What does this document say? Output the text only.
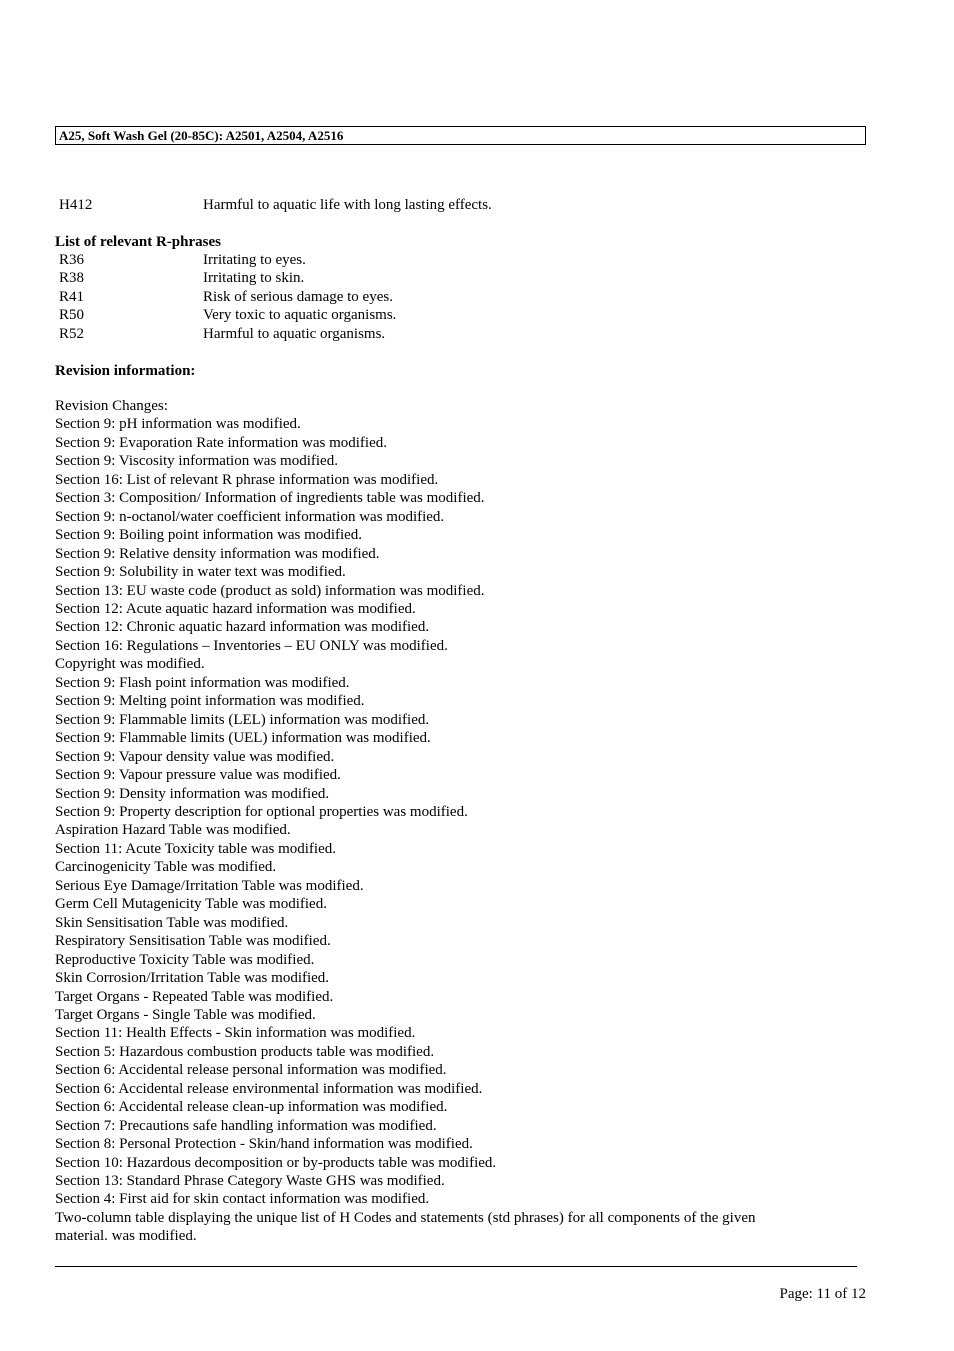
A25, Soft Wash Gel (20-85C): A2501, A2504, A2516
H412	Harmful to aquatic life with long lasting effects.
List of relevant R-phrases
R36	Irritating to eyes.
R38	Irritating to skin.
R41	Risk of serious damage to eyes.
R50	Very toxic to aquatic organisms.
R52	Harmful to aquatic organisms.
Revision information:
Revision Changes:
Section 9: pH information was modified.
Section 9: Evaporation Rate information was modified.
Section 9: Viscosity information was modified.
Section 16: List of relevant R phrase information was modified.
Section 3: Composition/ Information of ingredients table was modified.
Section 9: n-octanol/water coefficient information was modified.
Section 9: Boiling point information was modified.
Section 9: Relative density information was modified.
Section 9: Solubility in water text was modified.
Section 13: EU waste code (product as sold) information was modified.
Section 12: Acute aquatic hazard information was modified.
Section 12: Chronic aquatic hazard information was modified.
Section 16: Regulations – Inventories – EU ONLY was modified.
Copyright was modified.
Section 9: Flash point information was modified.
Section 9: Melting point information was modified.
Section 9: Flammable limits (LEL) information was modified.
Section 9: Flammable limits (UEL) information was modified.
Section 9: Vapour density value was modified.
Section 9: Vapour pressure value was modified.
Section 9: Density information was modified.
Section 9: Property description for optional properties was modified.
Aspiration Hazard Table was modified.
Section 11: Acute Toxicity table was modified.
Carcinogenicity Table was modified.
Serious Eye Damage/Irritation Table was modified.
Germ Cell Mutagenicity Table was modified.
Skin Sensitisation Table was modified.
Respiratory Sensitisation Table was modified.
Reproductive Toxicity Table was modified.
Skin Corrosion/Irritation Table was modified.
Target Organs - Repeated Table was modified.
Target Organs - Single Table was modified.
Section 11: Health Effects - Skin information was modified.
Section 5: Hazardous combustion products table was modified.
Section 6: Accidental release personal information was modified.
Section 6: Accidental release environmental information was modified.
Section 6: Accidental release clean-up information was modified.
Section 7: Precautions safe handling information was modified.
Section 8: Personal Protection - Skin/hand information was modified.
Section 10: Hazardous decomposition or by-products table was modified.
Section 13: Standard Phrase Category Waste GHS was modified.
Section 4: First aid for skin contact information was modified.
Two-column table displaying the unique list of H Codes and statements (std phrases) for all components of the given
material. was modified.
Page: 11 of 12
